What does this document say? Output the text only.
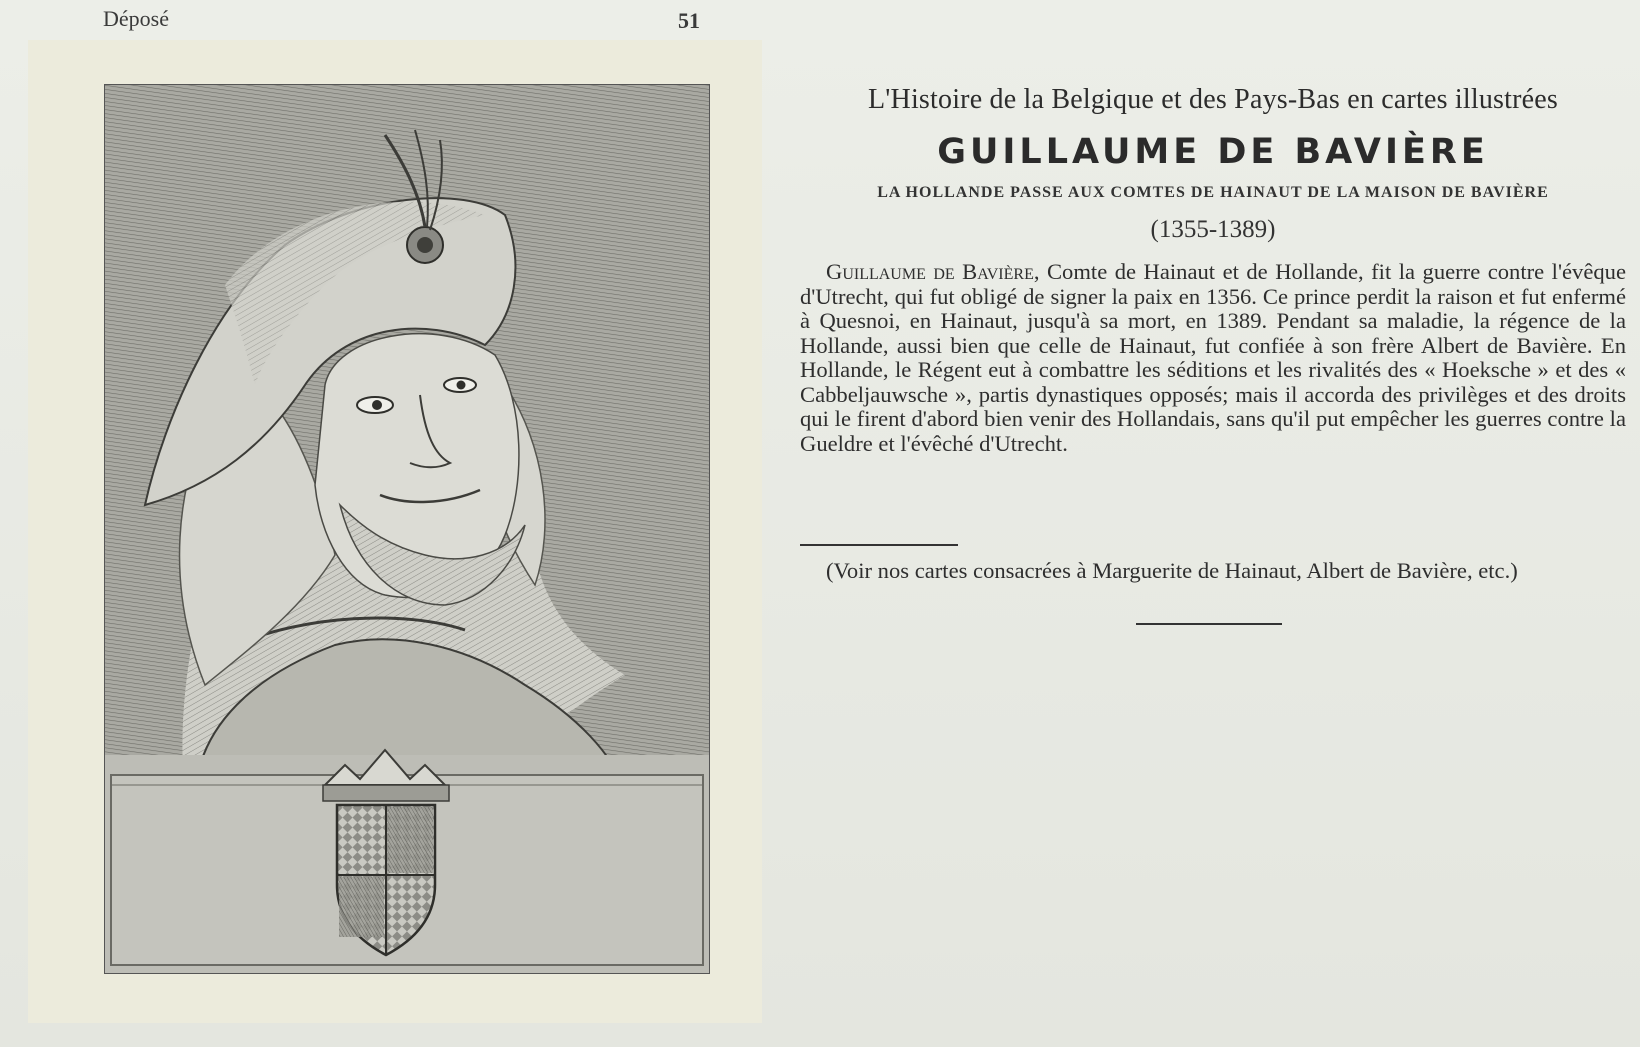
Déposé	51

L'Histoire de la Belgique et des Pays-Bas en cartes illustrées

GUILLAUME DE BAVIÈRE

LA HOLLANDE PASSE AUX COMTES DE HAINAUT DE LA MAISON DE BAVIÈRE

(1355-1389)

Guillaume de Bavière, Comte de Hainaut et de Hollande, fit la guerre contre l'évêque d'Utrecht, qui fut obligé de signer la paix en 1356. Ce prince perdit la raison et fut enfermé à Quesnoi, en Hainaut, jusqu'à sa mort, en 1389. Pendant sa maladie, la régence de la Hollande, aussi bien que celle de Hainaut, fut confiée à son frère Albert de Bavière. En Hollande, le Régent eut à combattre les séditions et les rivalités des « Hoeksche » et des « Cabbeljauwsche », partis dynastiques opposés; mais il accorda des privilèges et des droits qui le firent d'abord bien venir des Hollandais, sans qu'il put empêcher les guerres contre la Gueldre et l'évêché d'Utrecht.

(Voir nos cartes consacrées à Marguerite de Hainaut, Albert de Bavière, etc.)
